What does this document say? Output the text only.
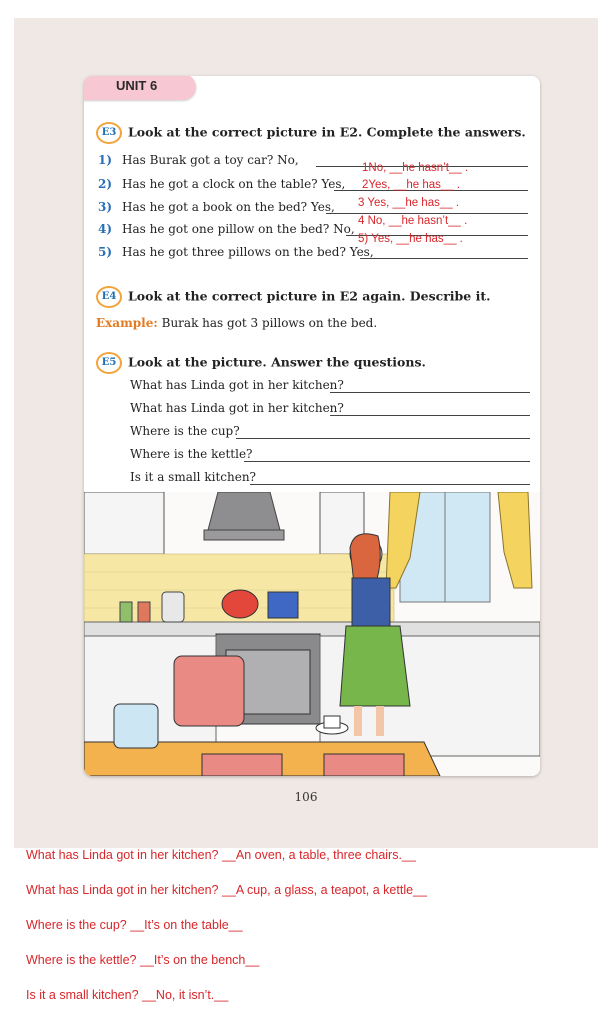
UNIT 6
E3 Look at the correct picture in E2. Complete the answers.
1) Has Burak got a toy car? No,
1No, __he hasn’t__ .
2) Has he got a clock on the table? Yes, 2Yes, __he has__ .
3) Has he got a book on the bed? Yes, 3 Yes, __he has__ .
4) Has he got one pillow on the bed? No,
4 No, __he hasn’t__ .
5) Has he got three pillows on the bed? Yes,
5) Yes, __he has__ .
E4 Look at the correct picture in E2 again. Describe it.
Example: Burak has got 3 pillows on the bed.
E5 Look at the picture. Answer the questions.
What has Linda got in her kitchen?
What has Linda got in her kitchen?
Where is the cup?
Where is the kettle?
Is it a small kitchen?
106
What has Linda got in her kitchen? __An oven, a table, three chairs.__
What has Linda got in her kitchen? __A cup, a glass, a teapot, a kettle__
Where is the cup? __It’s on the table__
Where is the kettle? __It’s on the bench__
Is it a small kitchen? __No, it isn’t.__
